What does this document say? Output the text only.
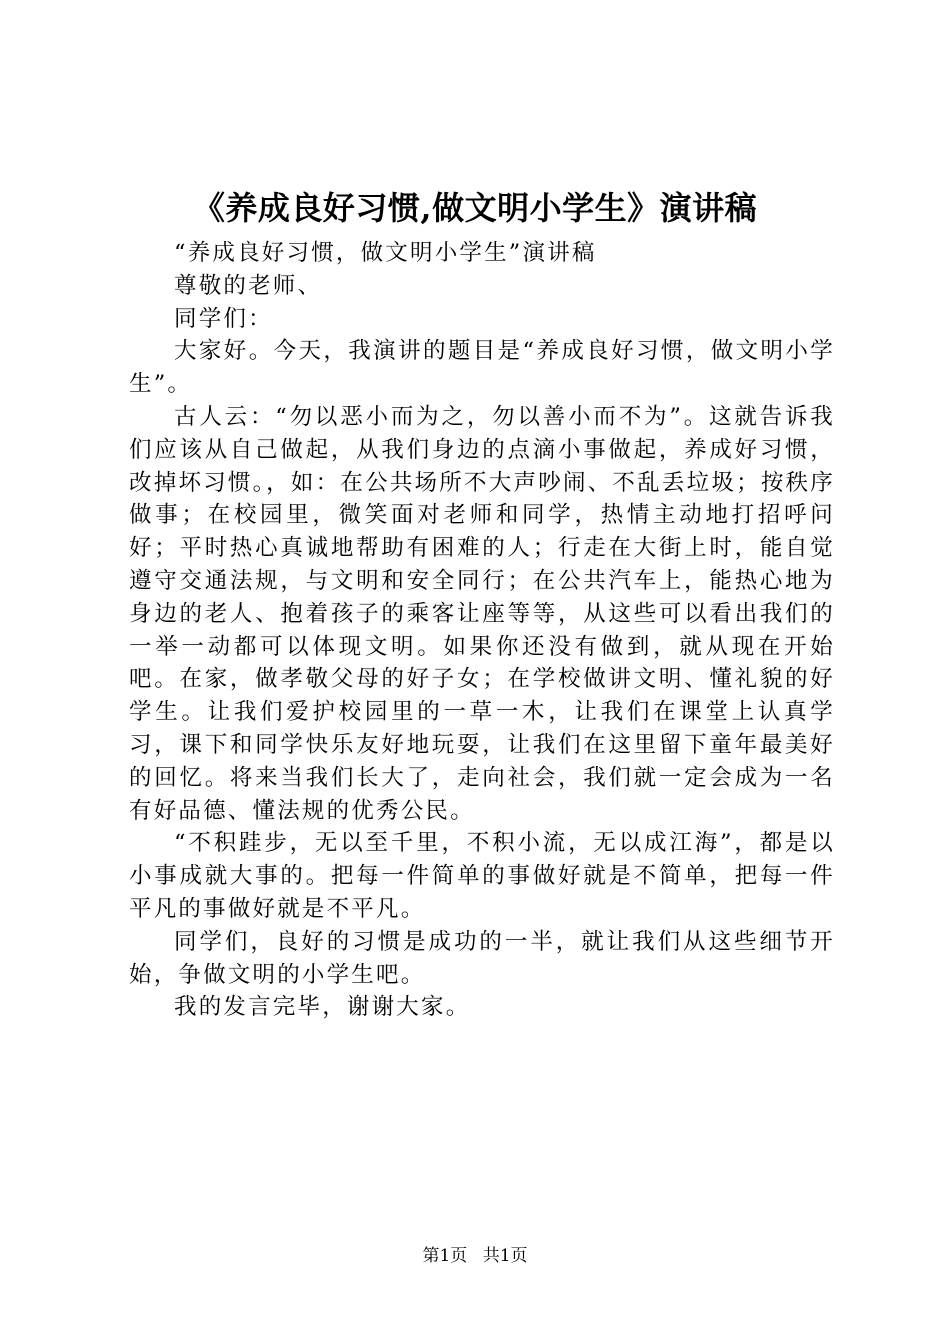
《养成良好习惯,做文明小学生》演讲稿

“养成良好习惯，做文明小学生”演讲稿

尊敬的老师、

同学们：

大家好。今天，我演讲的题目是“养成良好习惯，做文明小学生”。

古人云：“勿以恶小而为之，勿以善小而不为”。这就告诉我们应该从自己做起，从我们身边的点滴小事做起，养成好习惯，改掉坏习惯。，如：在公共场所不大声吵闹、不乱丢垃圾；按秩序做事；在校园里，微笑面对老师和同学，热情主动地打招呼问好；平时热心真诚地帮助有困难的人；行走在大街上时，能自觉遵守交通法规，与文明和安全同行；在公共汽车上，能热心地为身边的老人、抱着孩子的乘客让座等等，从这些可以看出我们的一举一动都可以体现文明。如果你还没有做到，就从现在开始吧。在家，做孝敬父母的好子女；在学校做讲文明、懂礼貌的好学生。让我们爱护校园里的一草一木，让我们在课堂上认真学习，课下和同学快乐友好地玩耍，让我们在这里留下童年最美好的回忆。将来当我们长大了，走向社会，我们就一定会成为一名有好品德、懂法规的优秀公民。

“不积跬步，无以至千里，不积小流，无以成江海”，都是以小事成就大事的。把每一件简单的事做好就是不简单，把每一件平凡的事做好就是不平凡。

同学们，良好的习惯是成功的一半，就让我们从这些细节开始，争做文明的小学生吧。

我的发言完毕，谢谢大家。

第1页 共1页
